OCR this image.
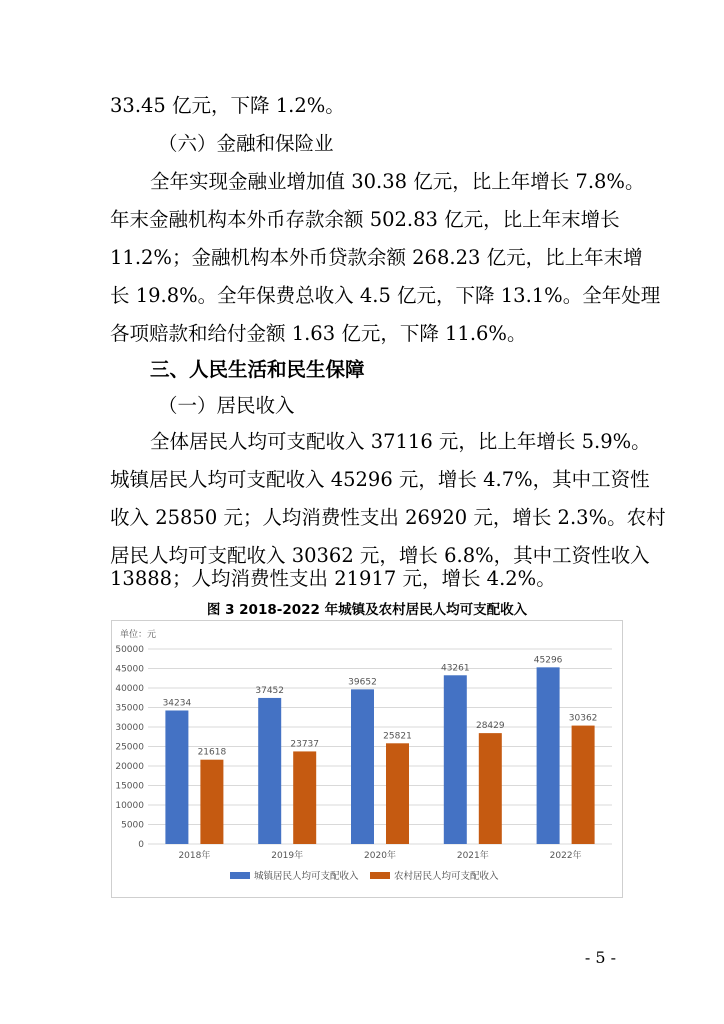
33.45 亿元，下降 1.2%。
（六）金融和保险业
全年实现金融业增加值 30.38 亿元，比上年增长 7.8%。
年末金融机构本外币存款余额 502.83 亿元，比上年末增长
11.2%；金融机构本外币贷款余额 268.23 亿元，比上年末增
长 19.8%。全年保费总收入 4.5 亿元，下降 13.1%。全年处理
各项赔款和给付金额 1.63 亿元，下降 11.6%。
三、人民生活和民生保障
（一）居民收入
全体居民人均可支配收入 37116 元，比上年增长 5.9%。
城镇居民人均可支配收入 45296 元，增长 4.7%，其中工资性
收入 25850 元；人均消费性支出 26920 元，增长 2.3%。农村
居民人均可支配收入 30362 元，增长 6.8%，其中工资性收入
13888；人均消费性支出 21917 元，增长 4.2%。
图 3 2018-2022 年城镇及农村居民人均可支配收入
单位：元
0
5000
10000
15000
20000
25000
30000
35000
40000
45000
50000
34234
21618
37452
23737
39652
25821
43261
28429
45296
30362
2018年	2019年	2020年	2021年	2022年
城镇居民人均可支配收入	农村居民人均可支配收入
- 5 -
